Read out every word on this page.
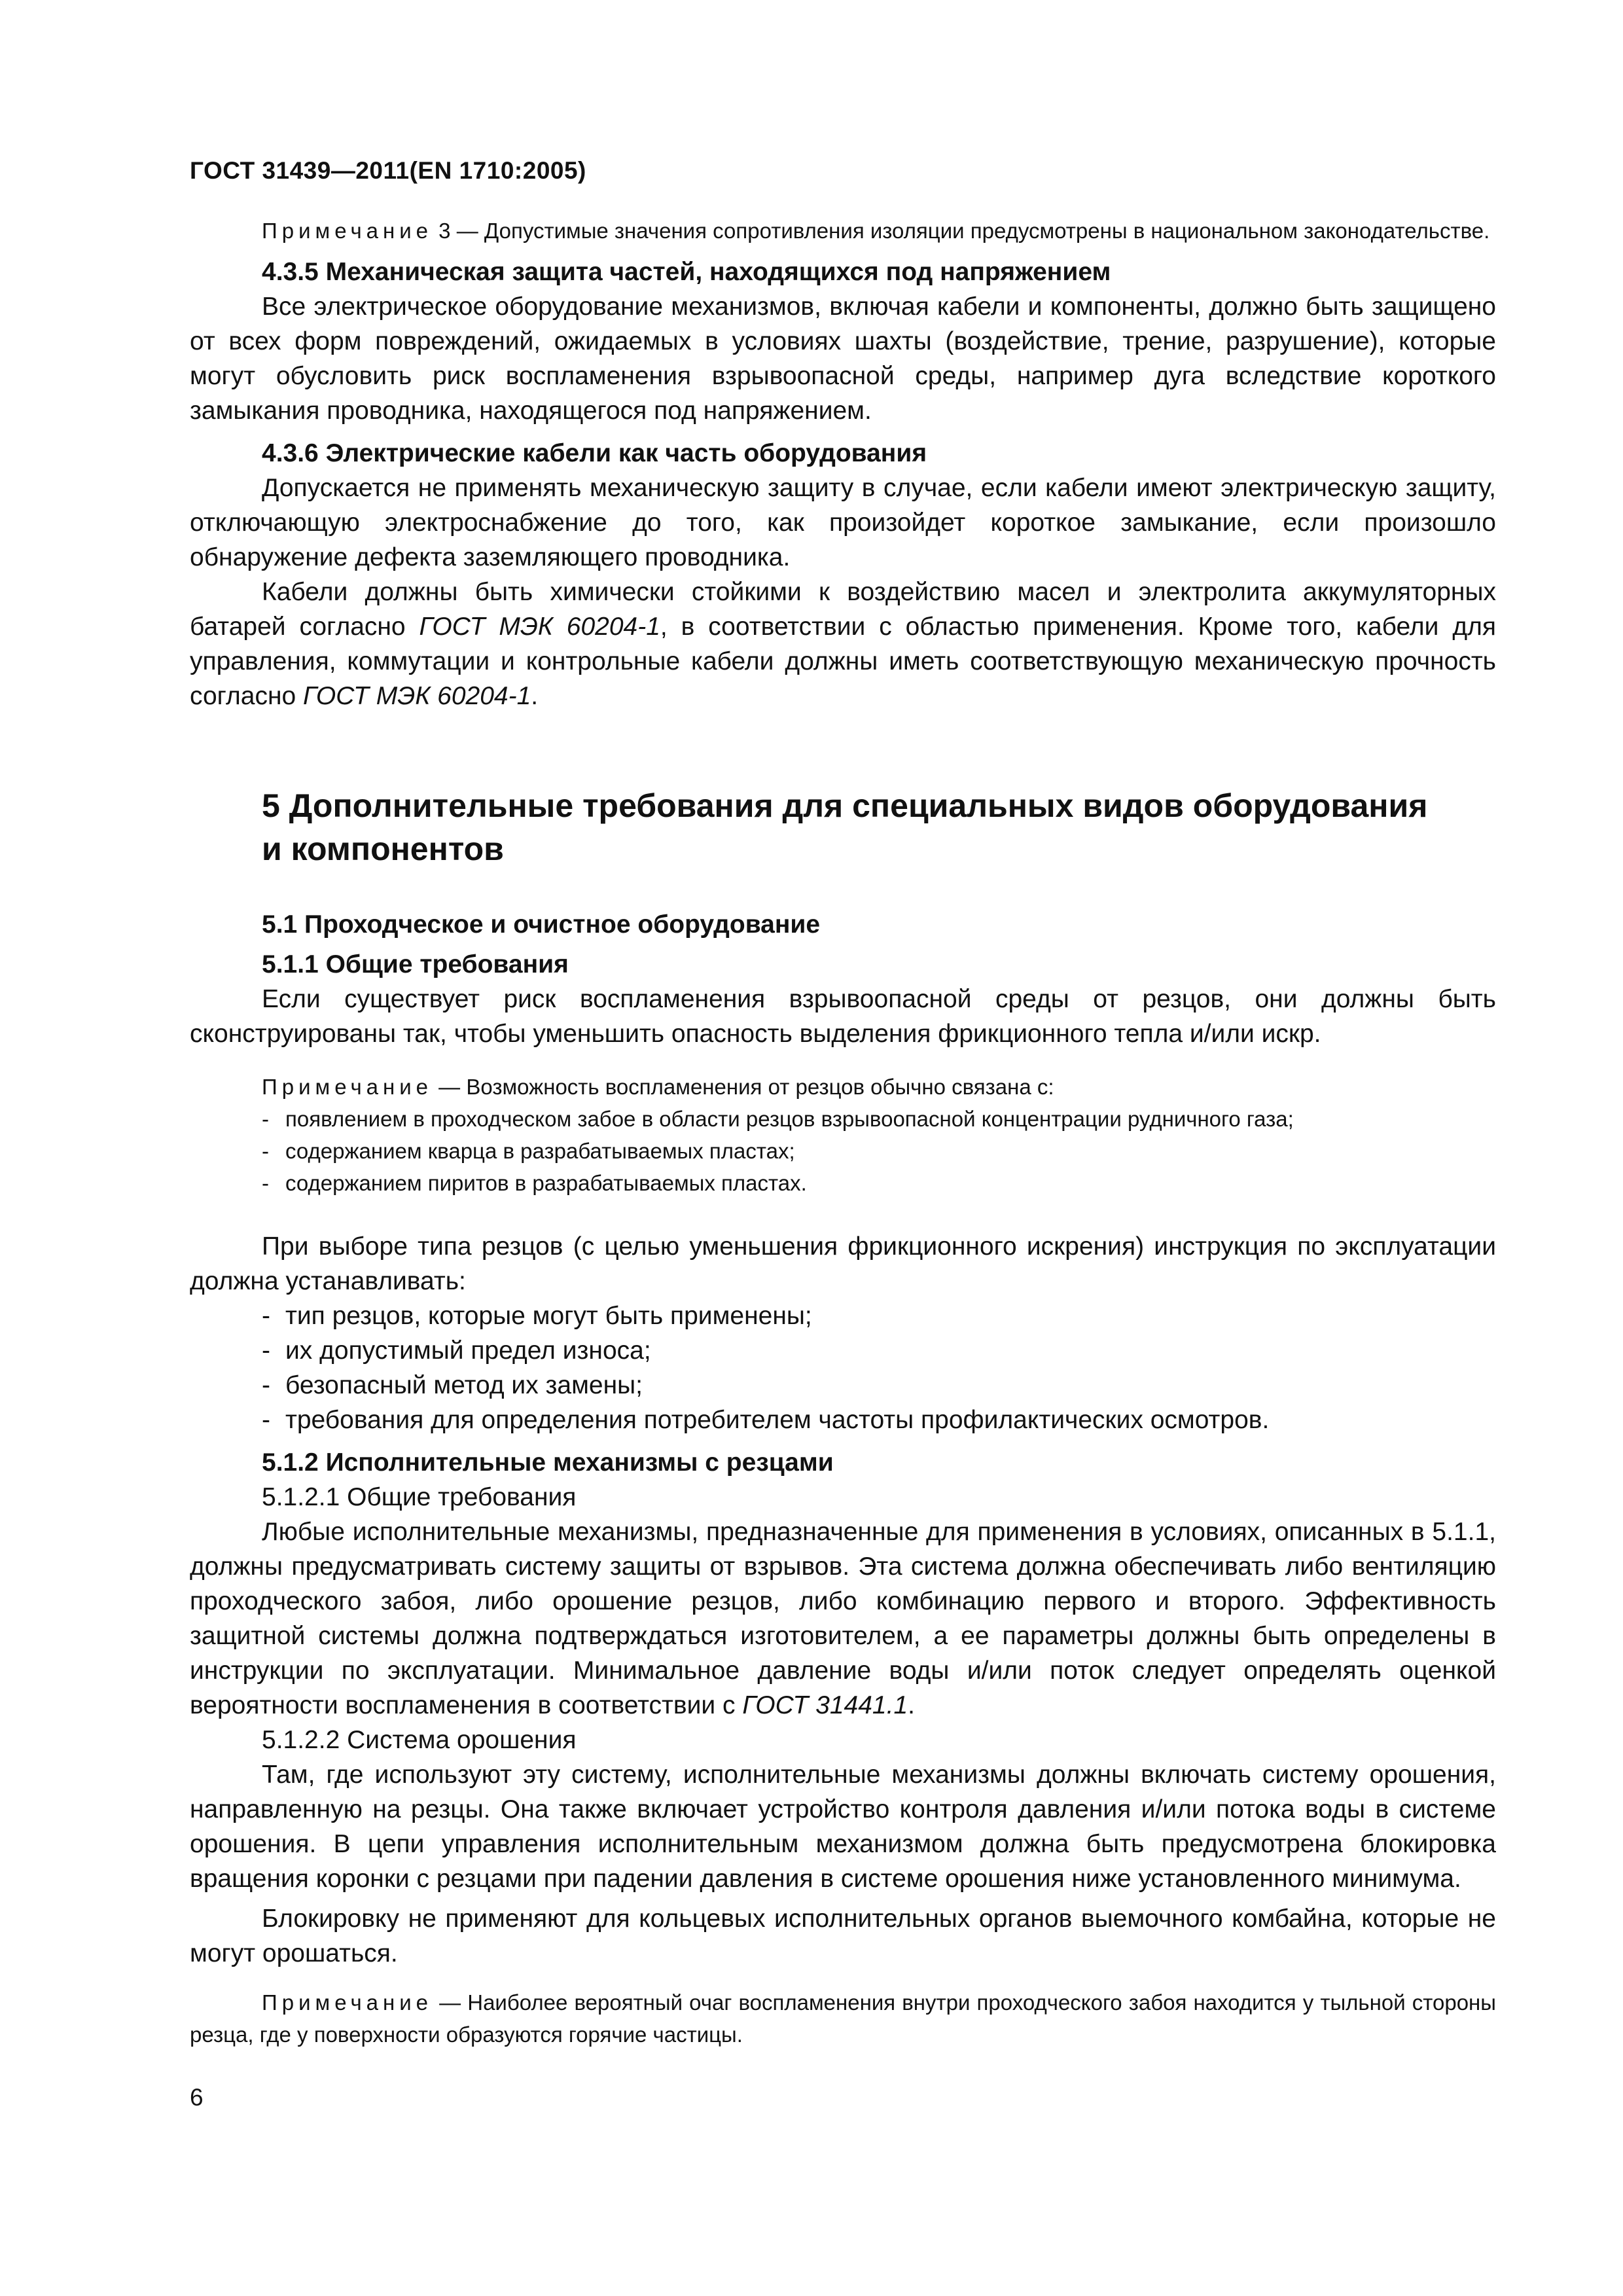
ГОСТ 31439—2011(EN 1710:2005)
Примечание 3 — Допустимые значения сопротивления изоляции предусмотрены в национальном законодательстве.
4.3.5 Механическая защита частей, находящихся под напряжением

Все электрическое оборудование механизмов, включая кабели и компоненты, должно быть защищено от всех форм повреждений, ожидаемых в условиях шахты (воздействие, трение, разрушение), которые могут обусловить риск воспламенения взрывоопасной среды, например дуга вследствие короткого замыкания проводника, находящегося под напряжением.

4.3.6 Электрические кабели как часть оборудования

Допускается не применять механическую защиту в случае, если кабели имеют электрическую защиту, отключающую электроснабжение до того, как произойдет короткое замыкание, если произошло обнаружение дефекта заземляющего проводника.

Кабели должны быть химически стойкими к воздействию масел и электролита аккумуляторных батарей согласно ГОСТ МЭК 60204-1, в соответствии с областью применения. Кроме того, кабели для управления, коммутации и контрольные кабели должны иметь соответствующую механическую прочность согласно ГОСТ МЭК 60204-1.

5 Дополнительные требования для специальных видов оборудования
и компонентов
5.1 Проходческое и очистное оборудование
5.1.1 Общие требования

Если существует риск воспламенения взрывоопасной среды от резцов, они должны быть сконструированы так, чтобы уменьшить опасность выделения фрикционного тепла и/или искр.

Примечание — Возможность воспламенения от резцов обычно связана с:
- появлением в проходческом забое в области резцов взрывоопасной концентрации рудничного газа;
- содержанием кварца в разрабатываемых пластах;
- содержанием пиритов в разрабатываемых пластах.

При выборе типа резцов (с целью уменьшения фрикционного искрения) инструкция по эксплуатации должна устанавливать:

- тип резцов, которые могут быть применены;
- их допустимый предел износа;
- безопасный метод их замены;
- требования для определения потребителем частоты профилактических осмотров.
5.1.2 Исполнительные механизмы с резцами
5.1.2.1 Общие требования

Любые исполнительные механизмы, предназначенные для применения в условиях, описанных в 5.1.1, должны предусматривать систему защиты от взрывов. Эта система должна обеспечивать либо вентиляцию проходческого забоя, либо орошение резцов, либо комбинацию первого и второго. Эффективность защитной системы должна подтверждаться изготовителем, а ее параметры должны быть определены в инструкции по эксплуатации. Минимальное давление воды и/или поток следует определять оценкой вероятности воспламенения в соответствии с ГОСТ 31441.1.

5.1.2.2 Система орошения

Там, где используют эту систему, исполнительные механизмы должны включать систему орошения, направленную на резцы. Она также включает устройство контроля давления и/или потока воды в системе орошения. В цепи управления исполнительным механизмом должна быть предусмотрена блокировка вращения коронки с резцами при падении давления в системе орошения ниже установленного минимума.

Блокировку не применяют для кольцевых исполнительных органов выемочного комбайна, которые не могут орошаться.

Примечание — Наиболее вероятный очаг воспламенения внутри проходческого забоя находится у тыльной стороны резца, где у поверхности образуются горячие частицы.
6
